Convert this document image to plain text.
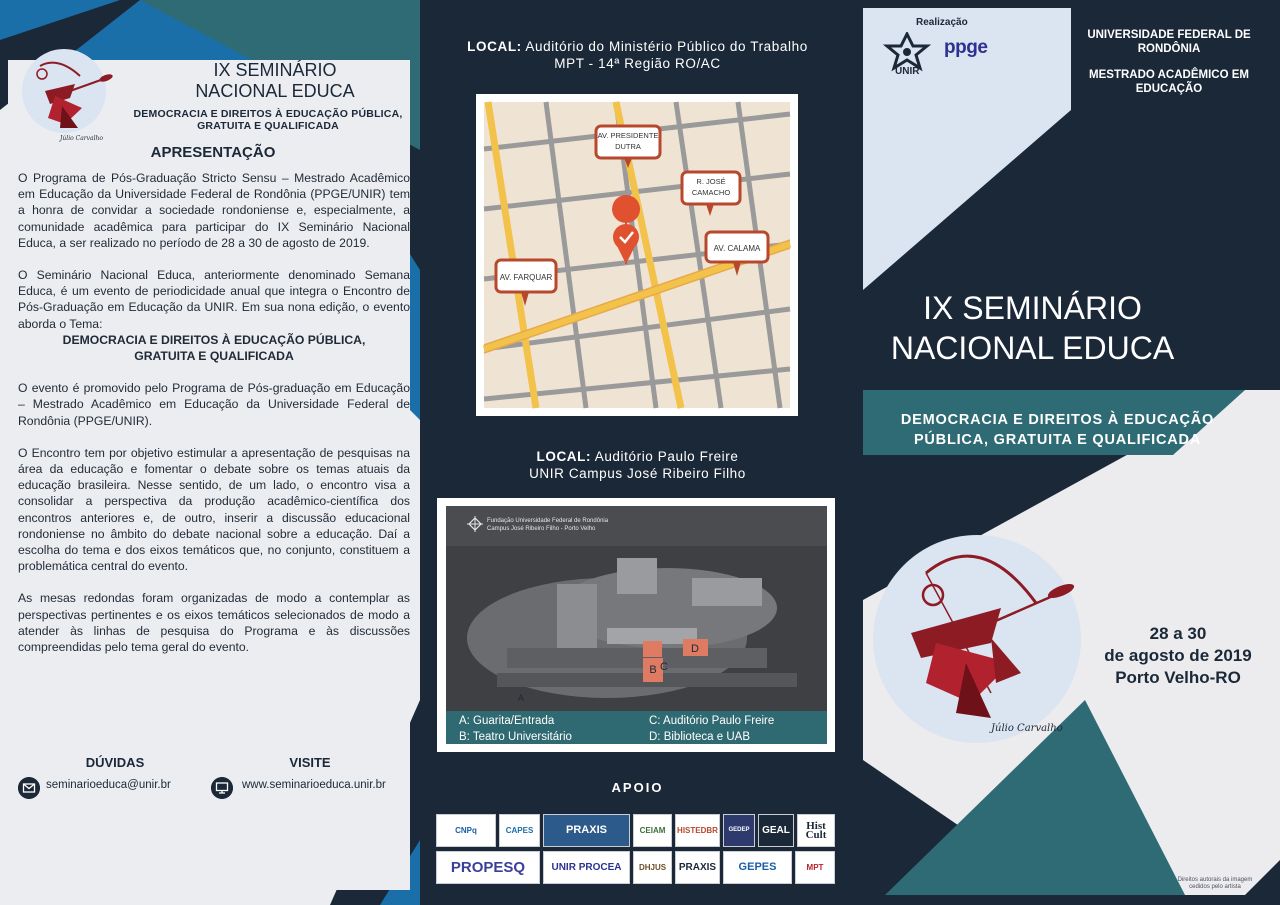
Júlio Carvalho
IX SEMINÁRIO
NACIONAL EDUCA
DEMOCRACIA E DIREITOS À EDUCAÇÃO PÚBLICA,
GRATUITA E QUALIFICADA
APRESENTAÇÃO

O Programa de Pós-Graduação Stricto Sensu – Mestrado Acadêmico em Educação da Universidade Federal de Rondônia (PPGE/UNIR) tem a honra de convidar a sociedade rondoniense e, especialmente, a comunidade acadêmica para participar do IX Seminário Nacional Educa, a ser realizado no período de 28 a 30 de agosto de 2019.

O Seminário Nacional Educa, anteriormente denominado Semana Educa, é um evento de periodicidade anual que integra o Encontro de Pós-Graduação em Educação da UNIR. Em sua nona edição, o evento aborda o Tema:
DEMOCRACIA E DIREITOS À EDUCAÇÃO PÚBLICA,
GRATUITA E QUALIFICADA

O evento é promovido pelo Programa de Pós-graduação em Educação – Mestrado Acadêmico em Educação da Universidade Federal de Rondônia (PPGE/UNIR).

O Encontro tem por objetivo estimular a apresentação de pesquisas na área da educação e fomentar o debate sobre os temas atuais da educação brasileira. Nesse sentido, de um lado, o encontro visa a consolidar a perspectiva da produção acadêmico-científica dos encontros anteriores e, de outro, inserir a discussão educacional rondoniense no âmbito do debate nacional sobre a educação. Daí a escolha do tema e dos eixos temáticos que, no conjunto, constituem a problemática central do evento.

As mesas redondas foram organizadas de modo a contemplar as perspectivas pertinentes e os eixos temáticos selecionados de modo a atender às linhas de pesquisa do Programa e às discussões compreendidas pelo tema geral do evento.

DÚVIDAS	VISITE
seminarioeduca@unir.br	www.seminarioeduca.unir.br
LOCAL: Auditório do Ministério Público do Trabalho
MPT - 14ª Região RO/AC
AV. PRESIDENTE
DUTRA
R. JOSÉ
CAMACHO
AV. CALAMA
AV. FARQUAR
LOCAL: Auditório Paulo Freire
UNIR Campus José Ribeiro Filho
Fundação Universidade Federal de Rondônia
Campus José Ribeiro Filho - Porto Velho
B C
D
A
A: Guarita/Entrada
B: Teatro Universitário
C: Auditório Paulo Freire
D: Biblioteca e UAB
APOIO
CNPq	CAPES	PRAXIS	CEIAM	HISTEDBR	GEDEP	GEAL	Hist Cult
PROPESQ	UNIR PROCEA	DHJUS	PRAXIS	GEPES	MPT
Realização
UNIR
ppge
UNIVERSIDADE FEDERAL DE
RONDÔNIA
MESTRADO ACADÊMICO EM
EDUCAÇÃO
IX SEMINÁRIO
NACIONAL EDUCA
DEMOCRACIA E DIREITOS À EDUCAÇÃO
PÚBLICA, GRATUITA E QUALIFICADA
Júlio Carvalho
28 a 30
de agosto de 2019
Porto Velho-RO
Direitos autorais da imagem
cedidos pelo artista
